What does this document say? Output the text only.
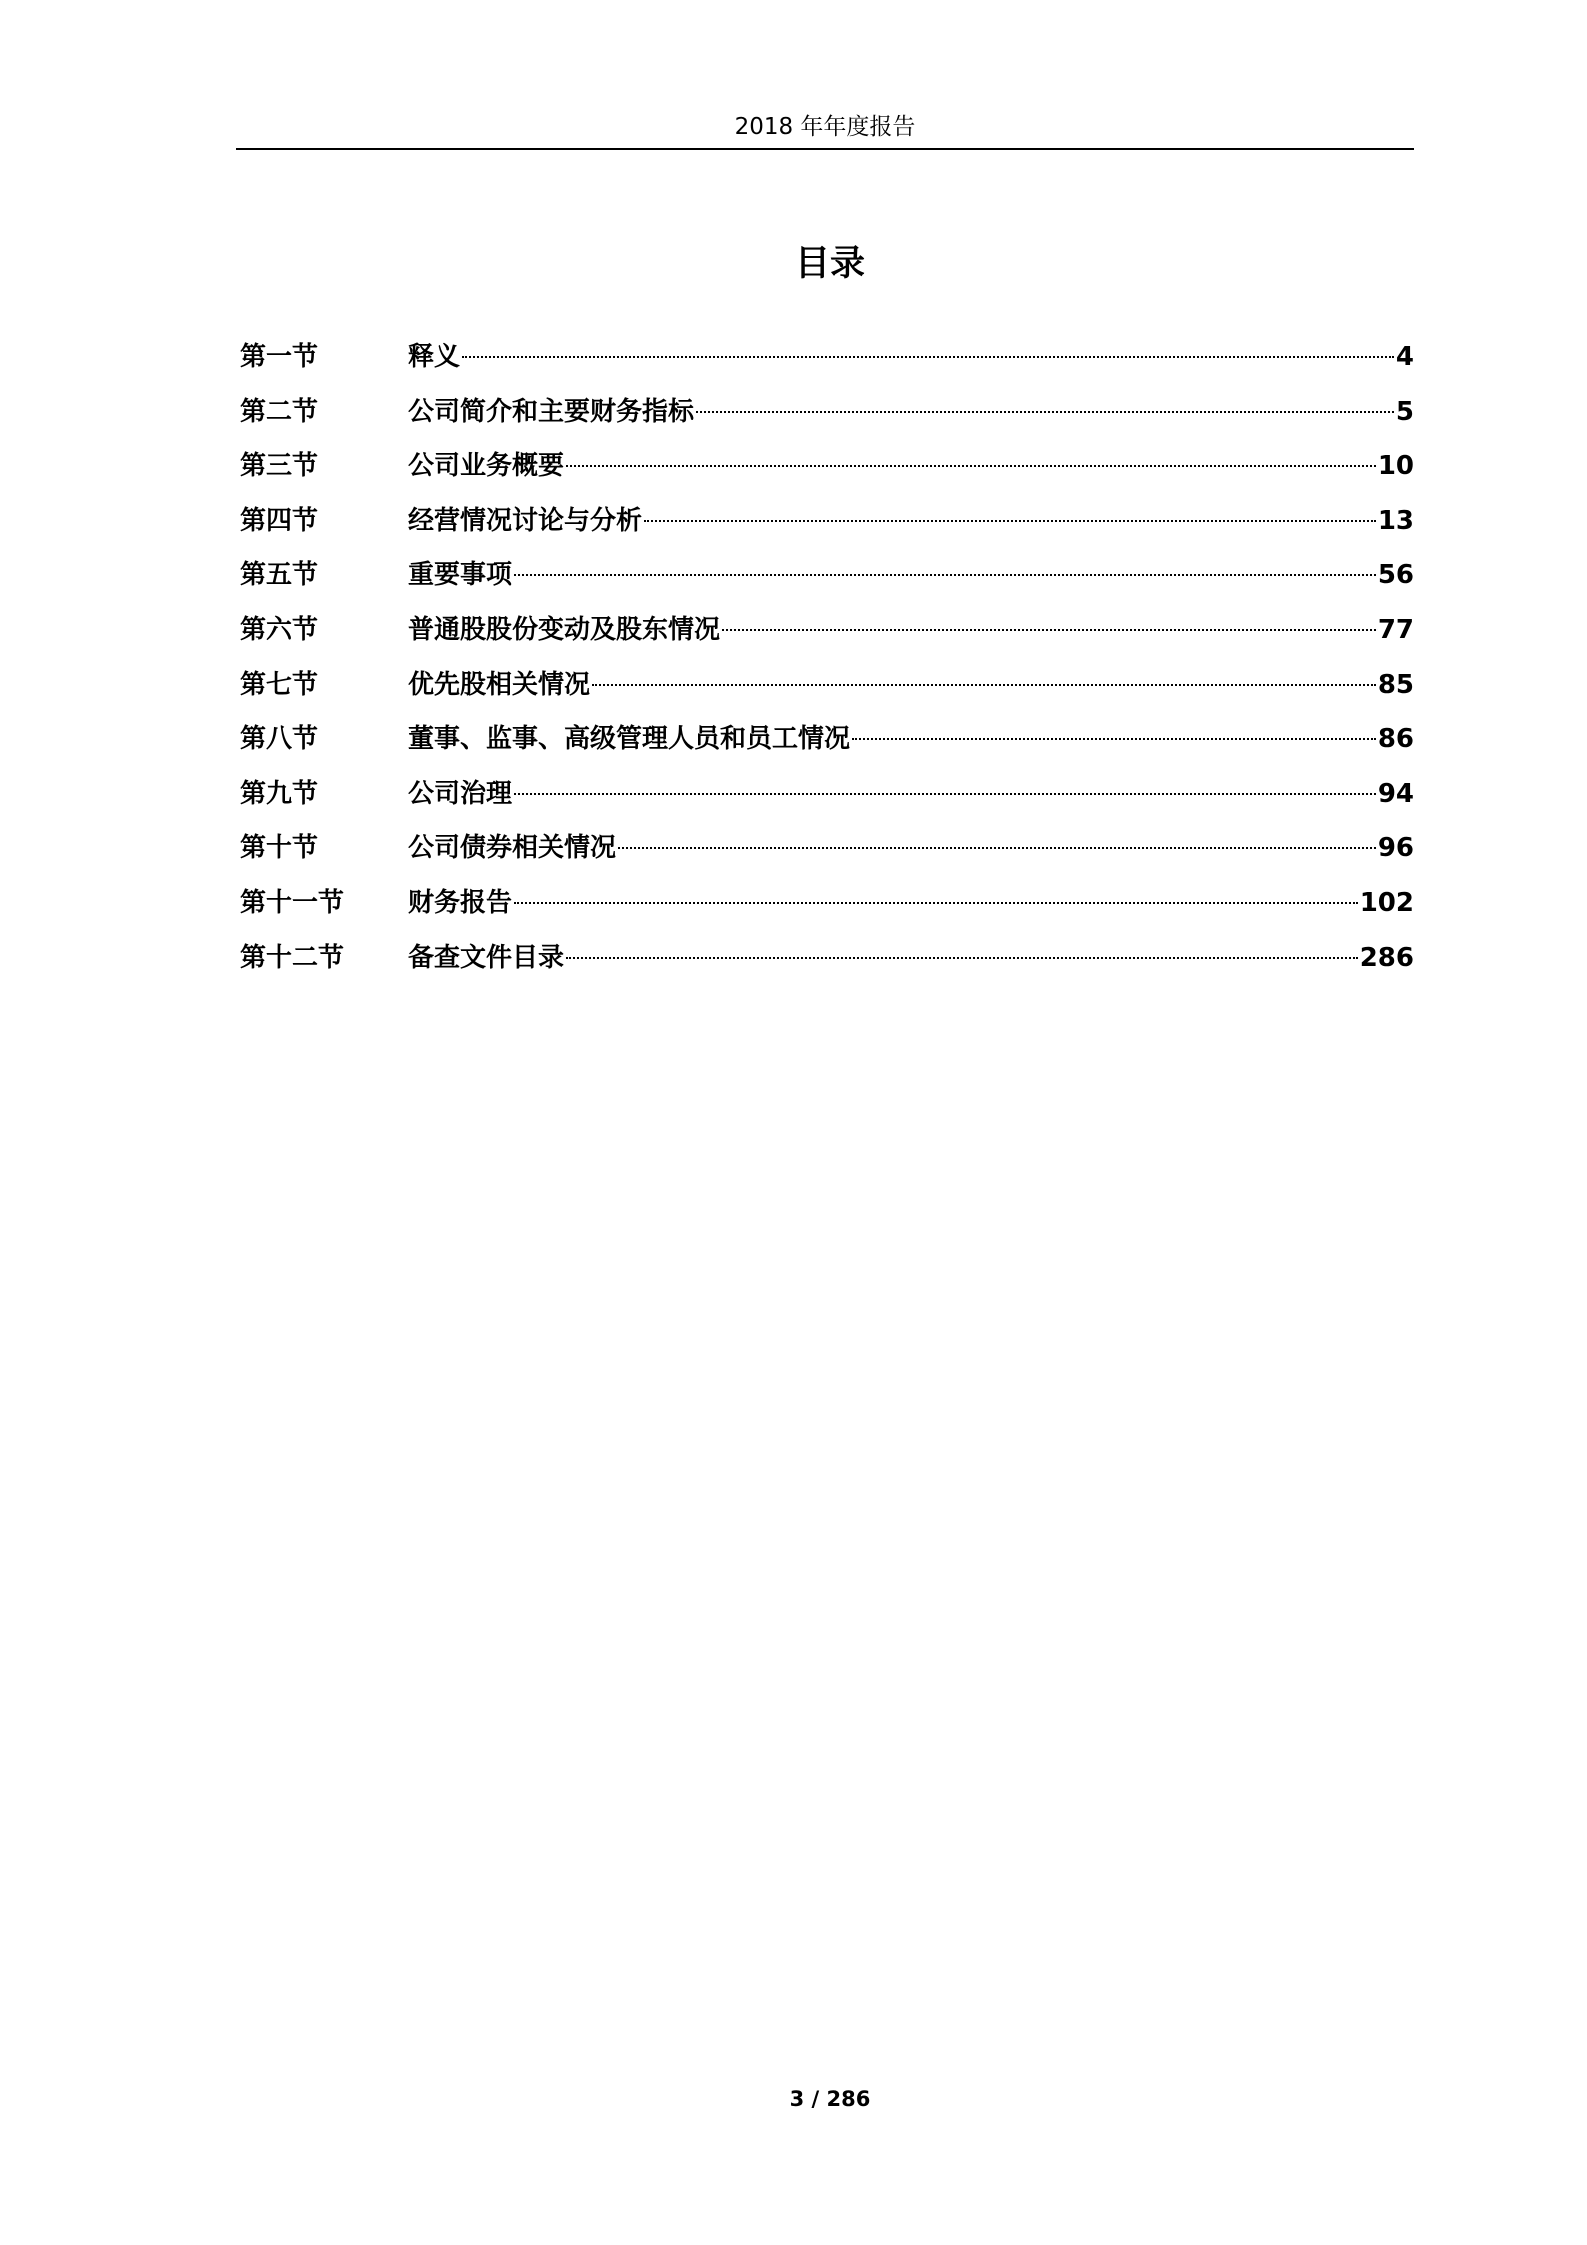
2018 年年度报告
目录
第一节	释义	4
第二节	公司简介和主要财务指标	5
第三节	公司业务概要	10
第四节	经营情况讨论与分析	13
第五节	重要事项	56
第六节	普通股股份变动及股东情况	77
第七节	优先股相关情况	85
第八节	董事、监事、高级管理人员和员工情况	86
第九节	公司治理	94
第十节	公司债券相关情况	96
第十一节	财务报告	102
第十二节	备查文件目录	286
3 / 286
